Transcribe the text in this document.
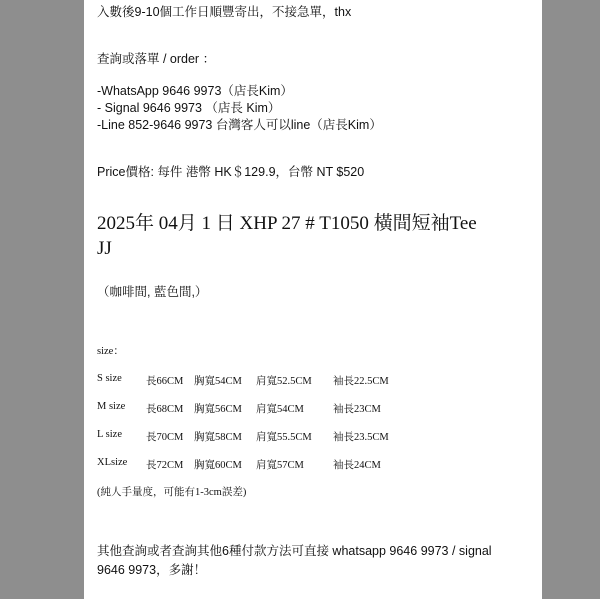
入數後9-10個工作日順豐寄出，不接急單，thx
查詢或落單 / order ：
-WhatsApp 9646 9973（店長Kim）
- Signal 9646 9973 （店長 Kim）
-Line 852-9646 9973 台灣客人可以line（店長Kim）
Price價格: 每件 港幣 HK＄129.9，台幣 NT $520
2025年 04月 1 日 XHP 27 # T1050 橫間短袖Tee
JJ
（咖啡間, 藍色間,）
size：
S size 長66CM 胸寬54CM 肩寬52.5CM 袖長22.5CM
M size 長68CM 胸寬56CM 肩寬54CM	袖長23CM
L size 長70CM 胸寬58CM 肩寬55.5CM 袖長23.5CM
XLsize 長72CM 胸寬60CM 肩寬57CM	袖長24CM
(純人手量度，可能有1-3cm誤差)
其他查詢或者查詢其他6種付款方法可直接 whatsapp 9646 9973 / signal
9646 9973，多謝！
